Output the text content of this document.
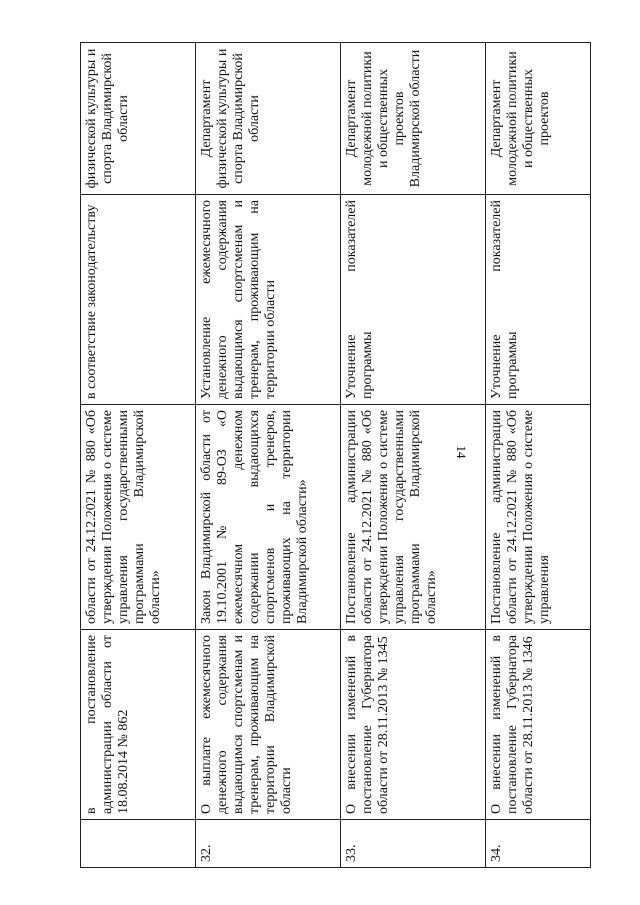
14
	в постановление администрации области от 18.08.2014 № 862	области от 24.12.2021 № 880 «Об утверждении Положения о системе управления государственными программами Владимирской области»	в соответствие законодательству	физической культуры и спорта Владимирской области
32.	О выплате ежемесячного денежного содержания выдающимся спортсменам и тренерам, проживающим на территории Владимирской области	Закон Владимирской области от 19.10.2001 № 89-ОЗ «О ежемесячном денежном содержании выдающихся спортсменов и тренеров, проживающих на территории Владимирской области»	Установление ежемесячного денежного содержания выдающимся спортсменам и тренерам, проживающим на территории области	Департамент физической культуры и спорта Владимирской области
33.	О внесении изменений в постановление Губернатора области от 28.11.2013 № 1345	Постановление администрации области от 24.12.2021 № 880 «Об утверждении Положения о системе управления государственными программами Владимирской области»	Уточнение показателей программы	Департамент молодежной политики и общественных проектов Владимирской области
34.	О внесении изменений в постановление Губернатора области от 28.11.2013 № 1346	Постановление администрации области от 24.12.2021 № 880 «Об утверждении Положения о системе управления	Уточнение показателей программы	Департамент молодежной политики и общественных проектов
